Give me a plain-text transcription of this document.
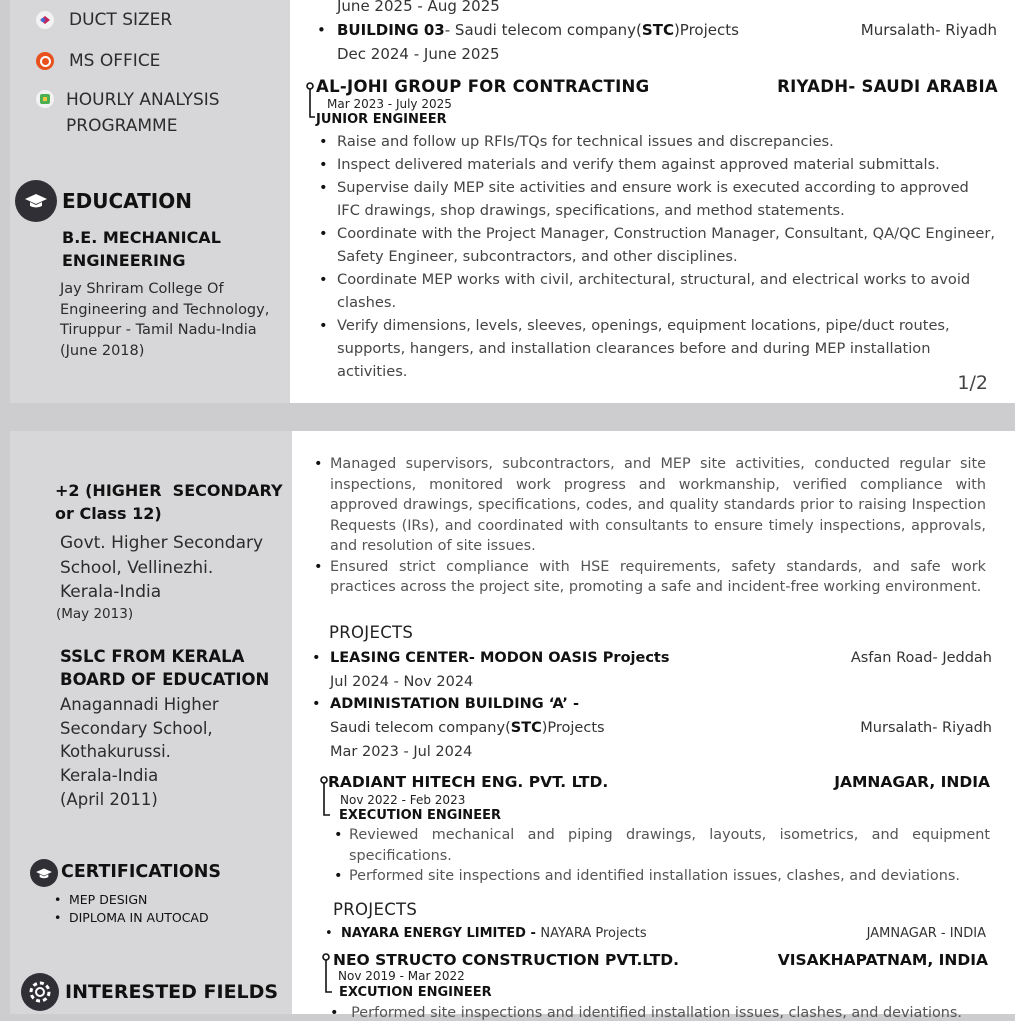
DUCT SIZER
MS OFFICE
HOURLY ANALYSIS
PROGRAMME
EDUCATION
B.E. MECHANICAL
ENGINEERING
Jay Shriram College Of
Engineering and Technology,
Tiruppur - Tamil Nadu-India
(June 2018)
June 2025 - Aug 2025
• BUILDING 03- Saudi telecom company(STC)Projects	Mursalath- Riyadh
Dec 2024 - June 2025
AL-JOHI GROUP FOR CONTRACTING	RIYADH- SAUDI ARABIA
Mar 2023 - July 2025
JUNIOR ENGINEER
• Raise and follow up RFIs/TQs for technical issues and discrepancies.
• Inspect delivered materials and verify them against approved material submittals.
• Supervise daily MEP site activities and ensure work is executed according to approved IFC drawings, shop drawings, specifications, and method statements.
• Coordinate with the Project Manager, Construction Manager, Consultant, QA/QC Engineer, Safety Engineer, subcontractors, and other disciplines.
• Coordinate MEP works with civil, architectural, structural, and electrical works to avoid clashes.
• Verify dimensions, levels, sleeves, openings, equipment locations, pipe/duct routes, supports, hangers, and installation clearances before and during MEP installation activities.
1/2
+2 (HIGHER  SECONDARY
or Class 12)
Govt. Higher Secondary
School, Vellinezhi.
Kerala-India
(May 2013)
SSLC FROM KERALA
BOARD OF EDUCATION
Anagannadi Higher
Secondary School,
Kothakurussi.
Kerala-India
(April 2011)
CERTIFICATIONS
• MEP DESIGN
• DIPLOMA IN AUTOCAD
INTERESTED FIELDS
• Managed supervisors, subcontractors, and MEP site activities, conducted regular site inspections, monitored work progress and workmanship, verified compliance with approved drawings, specifications, codes, and quality standards prior to raising Inspection Requests (IRs), and coordinated with consultants to ensure timely inspections, approvals, and resolution of site issues.
• Ensured strict compliance with HSE requirements, safety standards, and safe work practices across the project site, promoting a safe and incident-free working environment.
PROJECTS
• LEASING CENTER- MODON OASIS Projects	Asfan Road- Jeddah
Jul 2024 - Nov 2024
• ADMINISTATION BUILDING ‘A’ -
Saudi telecom company(STC)Projects	Mursalath- Riyadh
Mar 2023 - Jul 2024
RADIANT HITECH ENG. PVT. LTD.	JAMNAGAR, INDIA
Nov 2022 - Feb 2023
EXECUTION ENGINEER
• Reviewed mechanical and piping drawings, layouts, isometrics, and equipment specifications.
• Performed site inspections and identified installation issues, clashes, and deviations.
PROJECTS
• NAYARA ENERGY LIMITED - NAYARA Projects	JAMNAGAR - INDIA
NEO STRUCTO CONSTRUCTION PVT.LTD.	VISAKHAPATNAM, INDIA
Nov 2019 - Mar 2022
EXCUTION ENGINEER
• Performed site inspections and identified installation issues, clashes, and deviations.
